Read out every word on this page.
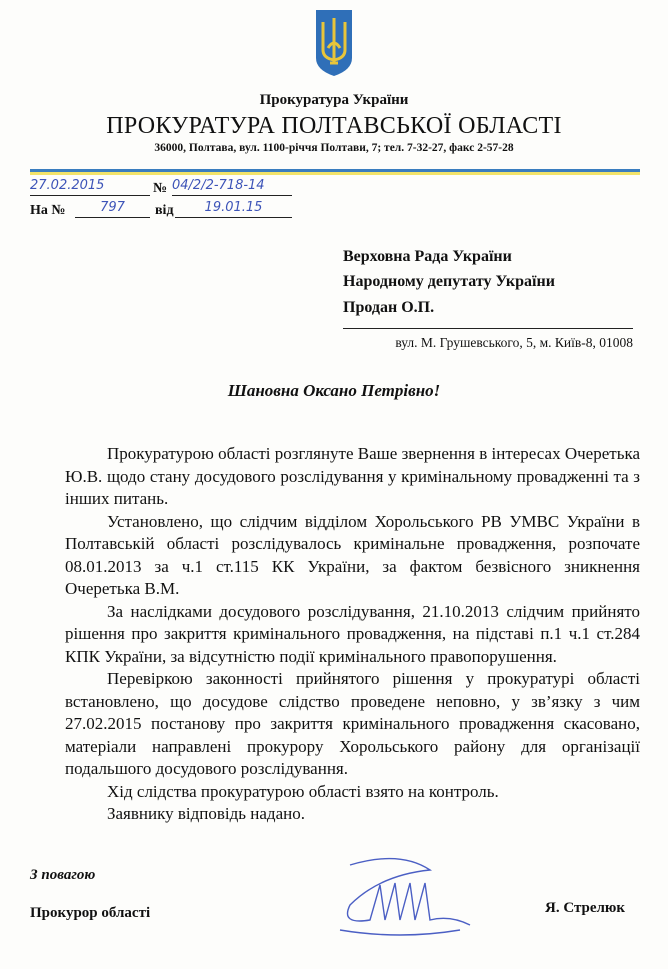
Прокуратура України
ПРОКУРАТУРА ПОЛТАВСЬКОЇ ОБЛАСТІ
36000, Полтава, вул. 1100-річчя Полтави, 7; тел. 7-32-27, факс 2-57-28
27.02.2015	№ 04/2/2-718-14
На №	797	від	19.01.15
Верховна Рада України
Народному депутату України
Продан О.П.
вул. М. Грушевського, 5, м. Київ-8, 01008
Шановна Оксано Петрівно!

Прокуратурою області розглянуте Ваше звернення в інтересах Очеретька Ю.В. щодо стану досудового розслідування у кримінальному провадженні та з інших питань.

Установлено, що слідчим відділом Хорольського РВ УМВС України в Полтавській області розслідувалось кримінальне провадження, розпочате 08.01.2013 за ч.1 ст.115 КК України, за фактом безвісного зникнення Очеретька В.М.

За наслідками досудового розслідування, 21.10.2013 слідчим прийнято рішення про закриття кримінального провадження, на підставі п.1 ч.1 ст.284 КПК України, за відсутністю події кримінального правопорушення.

Перевіркою законності прийнятого рішення у прокуратурі області встановлено, що досудове слідство проведене неповно, у зв’язку з чим 27.02.2015 постанову про закриття кримінального провадження скасовано, матеріали направлені прокурору Хорольського району для організації подальшого досудового розслідування.

Хід слідства прокуратурою області взято на контроль.

Заявнику відповідь надано.

З повагою
Прокурор області	Я. Стрелюк
